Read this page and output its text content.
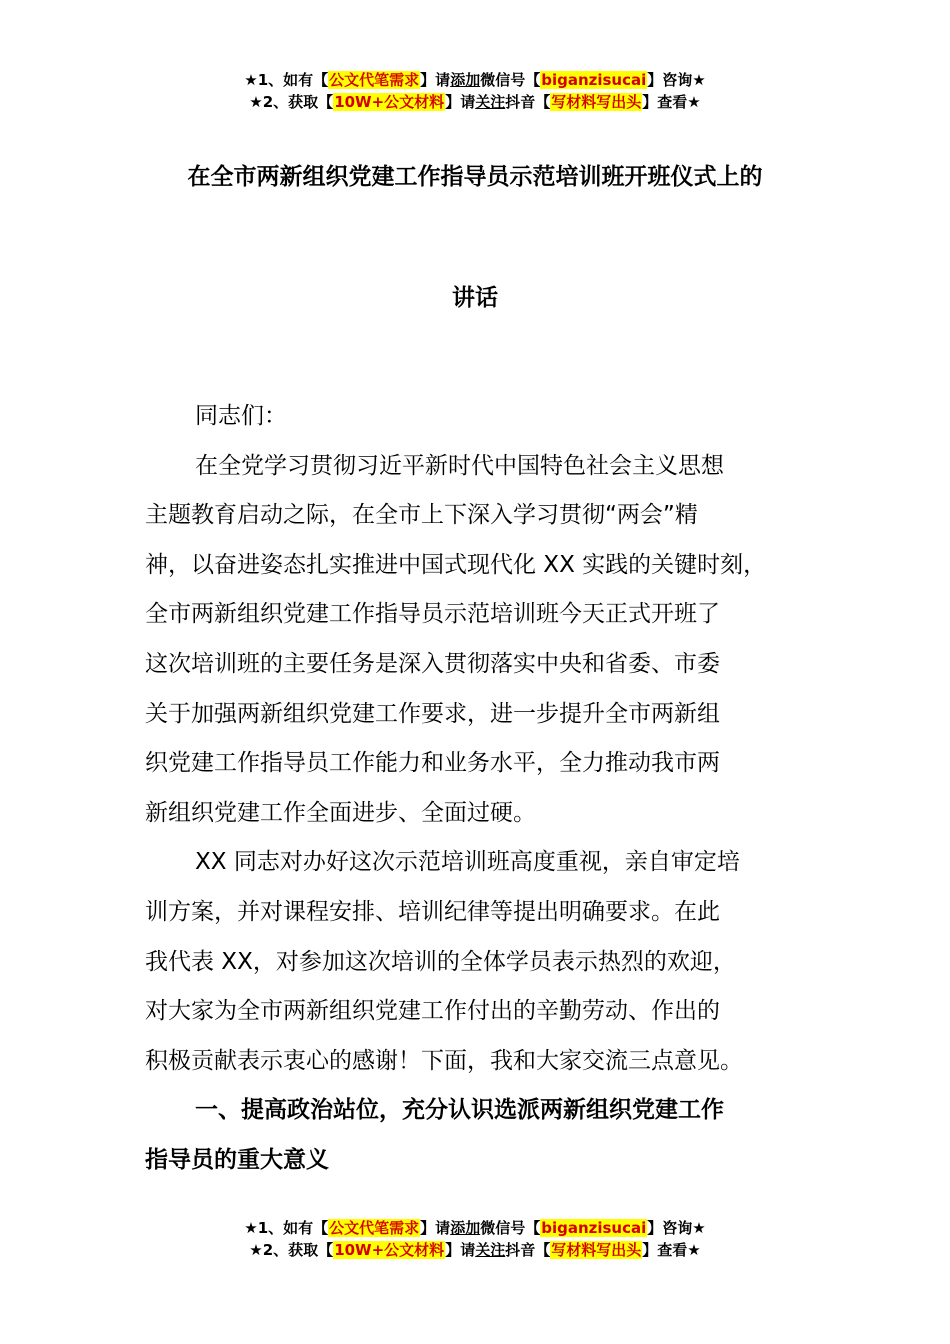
★1、如有【公文代笔需求】请添加微信号【biganzisucai】咨询★
★2、获取【10W+公文材料】请关注抖音【写材料写出头】查看★
在全市两新组织党建工作指导员示范培训班开班仪式上的
讲话
同志们：
在全党学习贯彻习近平新时代中国特色社会主义思想
主题教育启动之际，在全市上下深入学习贯彻“两会”精
神，以奋进姿态扎实推进中国式现代化 XX 实践的关键时刻，
全市两新组织党建工作指导员示范培训班今天正式开班了
这次培训班的主要任务是深入贯彻落实中央和省委、市委
关于加强两新组织党建工作要求，进一步提升全市两新组
织党建工作指导员工作能力和业务水平，全力推动我市两
新组织党建工作全面进步、全面过硬。
XX 同志对办好这次示范培训班高度重视，亲自审定培
训方案，并对课程安排、培训纪律等提出明确要求。在此
我代表 XX，对参加这次培训的全体学员表示热烈的欢迎，
对大家为全市两新组织党建工作付出的辛勤劳动、作出的
积极贡献表示衷心的感谢！下面，我和大家交流三点意见。
一、提高政治站位，充分认识选派两新组织党建工作
指导员的重大意义
★1、如有【公文代笔需求】请添加微信号【biganzisucai】咨询★
★2、获取【10W+公文材料】请关注抖音【写材料写出头】查看★
